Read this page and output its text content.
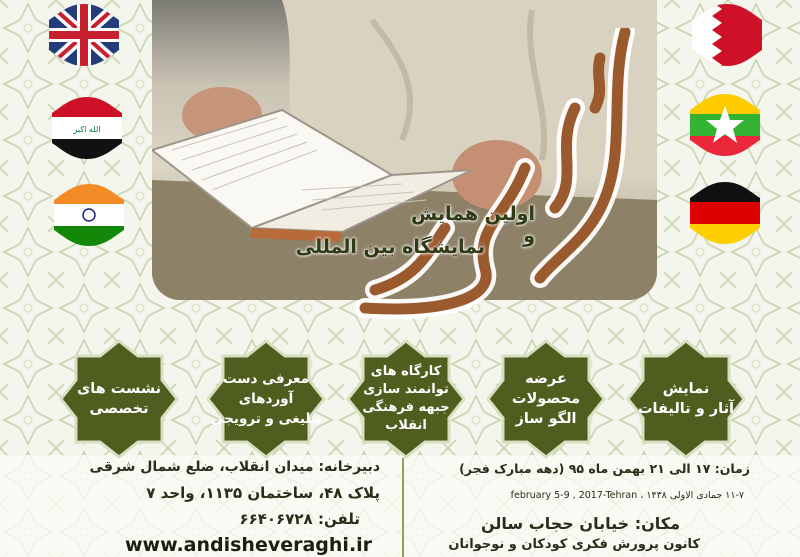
الله اكبر
اندیشه ورقی
اولین همایش و
نمایشگاه بین المللی
نشست های
تخصصی
معرفی دست
آوردهای
تبلیغی و ترویجی
کارگاه های
توانمند سازی
جبهه فرهنگی
انقلاب
عرضه
محصولات
الگو ساز
نمایش
آثار و تالیفات
دبیرخانه: میدان انقلاب، ضلع شمال شرقی
پلاک ۴۸، ساختمان ۱۱۳۵، واحد ۷
تلفن: ۶۶۴۰۶۷۲۸
www.andisheveraghi.ir
زمان: ۱۷ الی ۲۱ بهمن ماه ۹۵ (دهه مبارک فجر)
۱۱-۷ جمادی الاولی ۱۴۳۸ ، february 5-9 , 2017-Tehran
مکان: خیابان حجاب سالن
کانون پرورش فکری کودکان و نوجوانان
